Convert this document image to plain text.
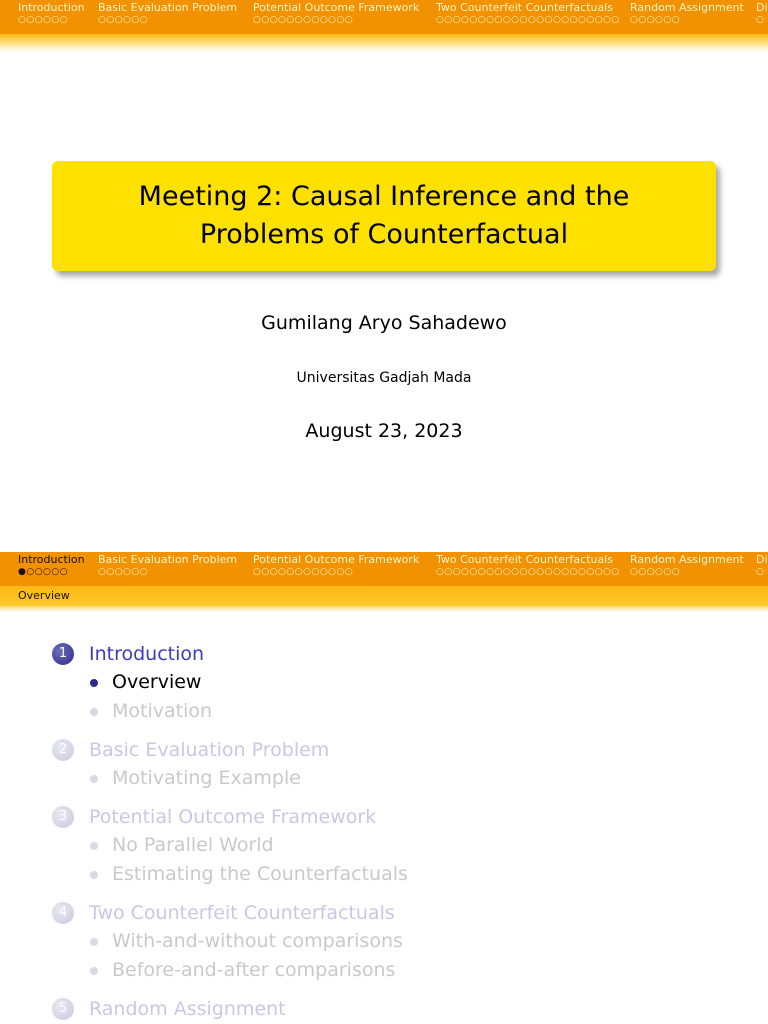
Introduction
○○○○○○
Basic Evaluation Problem
○○○○○○
Potential Outcome Framework
○○○○○○○○○○○○
Two Counterfeit Counterfactuals
○○○○○○○○○○○○○○○○○○○○○○
Random Assignment
○○○○○○
Di
○
Meeting 2: Causal Inference and the Problems of Counterfactual
Gumilang Aryo Sahadewo
Universitas Gadjah Mada
August 23, 2023
Introduction
●○○○○○
Basic Evaluation Problem
○○○○○○
Potential Outcome Framework
○○○○○○○○○○○○
Two Counterfeit Counterfactuals
○○○○○○○○○○○○○○○○○○○○○○
Random Assignment
○○○○○○
Di
○
Overview
1	Introduction
Overview
Motivation
2	Basic Evaluation Problem
Motivating Example
3	Potential Outcome Framework
No Parallel World
Estimating the Counterfactuals
4	Two Counterfeit Counterfactuals
With-and-without comparisons
Before-and-after comparisons
5	Random Assignment
